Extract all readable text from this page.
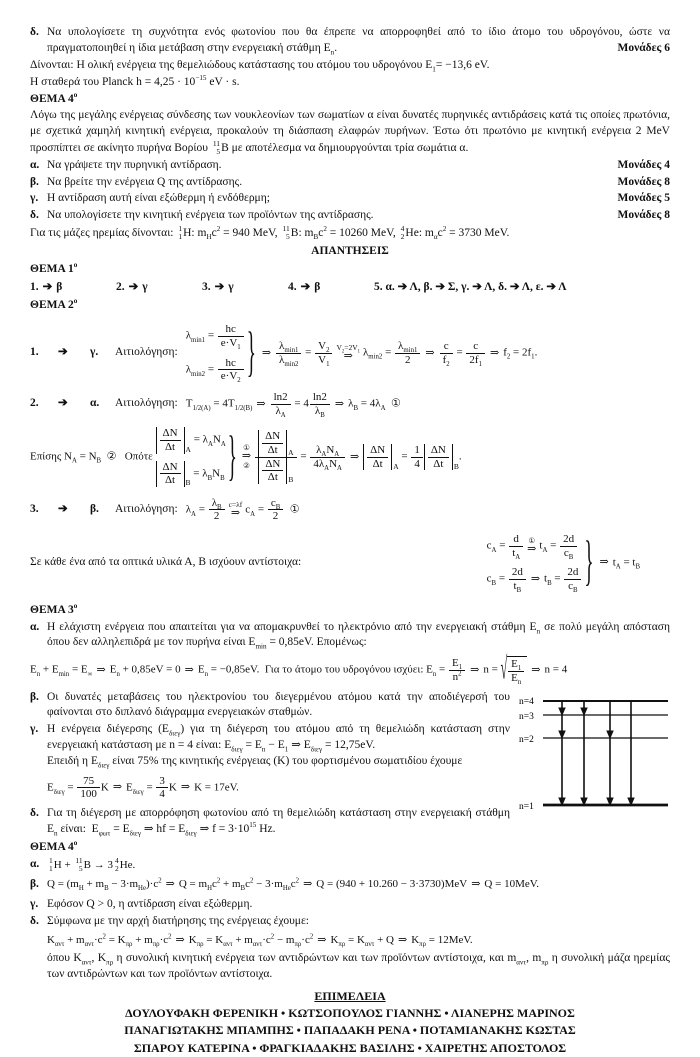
δ. Να υπολογίσετε τη συχνότητα ενός φωτονίου που θα έπρεπε να απορροφηθεί από το ίδιο άτομο του υδρογόνου, ώστε να πραγματοποιηθεί η ίδια μετάβαση στην ενεργειακή στάθμη $E_n$.	Μονάδες 6
Δίνονται: Η ολική ενέργεια της θεμελιώδους κατάστασης του ατόμου του υδρογόνου $E_1= -13,6$ eV.
Η σταθερά του Planck $h = 4,25 \cdot 10^{-15}$ eV · s.
ΘΕΜΑ $4^o$
Λόγω της μεγάλης ενέργειας σύνδεσης των νουκλεονίων των σωματίων α είναι δυνατές πυρηνικές αντιδράσεις κατά τις οποίες πρωτόνια, με σχετικά χαμηλή κινητική ενέργεια, προκαλούν τη διάσπαση ελαφρών πυρήνων. Έστω ότι πρωτόνιο με κινητική ενέργεια 2 MeV προσπίπτει σε ακίνητο πυρήνα Βορίου 11
5 B με αποτέλεσμα να δημιουργούνται τρία σωμάτια α.
α. Να γράψετε την πυρηνική αντίδραση.	Μονάδες 4
β. Να βρείτε την ενέργεια Q της αντίδρασης.	Μονάδες 8
γ. Η αντίδραση αυτή είναι εξώθερμη ή ενδόθερμη;	Μονάδες 5
δ. Να υπολογίσετε την κινητική ενέργεια των προϊόντων της αντίδρασης.	Μονάδες 8
Για τις μάζες ηρεμίας δίνονται: 1
1 H: $m_Hc^2 = 940$ MeV, 11
5 B: $m_Bc^2 = 10260$ MeV, 4
2 He: $m_\alpha c^2 = 3730$ MeV.
ΑΠΑΝΤΗΣΕΙΣ
ΘΕΜΑ $1^o$
1. ➔ β	2. ➔ γ	3. ➔ γ	4. ➔ β	5. α. ➔ Λ, β. ➔ Σ, γ. ➔ Λ, δ. ➔ Λ, ε. ➔ Λ
ΘΕΜΑ $2^o$
1.	➔	γ. Αιτιολόγηση:
$\lambda_{min1} = \frac{hc}{e\cdot V_1}$
$\lambda_{min2} = \frac{hc}{e\cdot V_2}$ } ⇒
$\lambda_{min1}$
$\lambda_{min2}$
= $\frac{V_2}{V_1} V_2=2V_1$
⇒ $\lambda_{min2}$ =
$\lambda_{min1}$
2
⇒ $\frac{c}{f_2} = \frac{c}{2f_1}$ ⇒ $f_2 = 2f_1$.
2.	➔	α. Αιτιολόγηση: $T_{1/2(A)} = 4T_{1/2(B)}$ ⇒ $\frac{\ln 2}{\lambda_A} = 4 \frac{\ln 2}{\lambda_B}$ ⇒ $\lambda_B = 4\lambda_A$  ①
Επίσης $N_A = N_B$  ②   Οπότε
ΔN
Δt	A
= $\lambda_AN_A$
ΔN
Δt	B
= $\lambda_BN_B$ } ①
⇒
②
ΔN
Δt	A
ΔN
Δt	B
=
$\lambda_AN_A$
$4\lambda_AN_A$
⇒
ΔN
Δt	A
= $\frac{1}{4}$ ΔN
Δt	B
.
3.	➔	β. Αιτιολόγηση: $\lambda_A = \frac{\lambda_B}{2} c=\lambda f$
⇒ $c_A = \frac{c_B}{2}$ ①
Σε κάθε ένα από τα οπτικά υλικά Α, Β ισχύουν αντίστοιχα:
$c_A = \frac{d}{t_A}$ ①
⇒ $t_A = \frac{2d}{c_B}$
$c_B = \frac{2d}{t_B}$ ⇒ $t_B = \frac{2d}{c_B}$ } ⇒ $t_A = t_B$
ΘΕΜΑ $3^o$
α. Η ελάχιστη ενέργεια που απαιτείται για να απομακρυνθεί το ηλεκτρόνιο από την ενεργειακή στάθμη $E_n$ σε πολύ μεγάλη απόσταση όπου δεν αλληλεπιδρά με τον πυρήνα είναι $E_{min} = 0,85eV$. Επομένως:
$E_n + E_{min} = E_\infty$ ⇒ $E_n + 0,85eV = 0$ ⇒ $E_n = -0,85eV$. Για το άτομο του υδρογόνου ισχύει: $E_n = \frac{E_1}{n^2}$ ⇒ n = √ $\frac{E_1}{E_n}$ ⇒ n = 4
β. Οι δυνατές μεταβάσεις του ηλεκτρονίου του διεγερμένου ατόμου κατά την αποδιέγερσή του φαίνονται στο διπλανό διάγραμμα ενεργειακών σταθμών.
γ. Η ενέργεια διέγερσης $(E_{\delta\iota\varepsilon\gamma})$ για τη διέγερση του ατόμου από τη θεμελιώδη κατάσταση στην ενεργειακή κατάσταση με n = 4 είναι: $E_{\delta\iota\varepsilon\gamma} = E_n - E_1$ ⇒ $E_{\delta\iota\varepsilon\gamma} = 12,75eV$.
Επειδή η $E_{\delta\iota\varepsilon\gamma}$ είναι 75% της κινητικής ενέργειας (K) του φορτισμένου σωματιδίου έχουμε
$E_{\delta\iota\varepsilon\gamma} = \frac{75}{100}$ K ⇒ $E_{\delta\iota\varepsilon\gamma} = \frac{3}{4}$ K ⇒ K = 17eV.
δ. Για τη διέγερση με απορρόφηση φωτονίου από τη θεμελιώδη κατάσταση στην ενεργειακή στάθμη $E_n$ είναι: $E_{\varphi\omega\tau} = E_{\delta\iota\varepsilon\gamma}$ ⇒ hf = $E_{\delta\iota\varepsilon\gamma}$ ⇒ $f = 3\cdot 10^{15}$ Hz.
n=4
n=3
n=2
n=1
ΘΕΜΑ $4^o$
α.	1
1 H + 11
5 B → 3 4
2 He.
β. $Q = (m_H + m_B - 3\cdot m_{He})\cdot c^2$ ⇒ $Q = m_Hc^2 + m_Bc^2 - 3\cdot m_{He}c^2$ ⇒ Q = (940 + 10.260 − 3·3730)MeV ⇒ Q = 10MeV.
γ. Εφόσον Q > 0, η αντίδραση είναι εξώθερμη.
δ. Σύμφωνα με την αρχή διατήρησης της ενέργειας έχουμε:
$K_{\alpha\nu\tau} + m_{\alpha\nu\tau}\cdot c^2 = K_{\pi\rho} + m_{\pi\rho}\cdot c^2$ ⇒ $K_{\pi\rho} = K_{\alpha\nu\tau} + m_{\alpha\nu\tau}\cdot c^2 - m_{\pi\rho}\cdot c^2$ ⇒ $K_{\pi\rho} = K_{\alpha\nu\tau} + Q$ ⇒ $K_{\pi\rho} = 12MeV$.
όπου $K_{\alpha\nu\tau}$, $K_{\pi\rho}$ η συνολική κινητική ενέργεια των αντιδρώντων και των προϊόντων αντίστοιχα, και $m_{\alpha\nu\tau}$, $m_{\pi\rho}$ η συνολική μάζα ηρεμίας των αντιδρώντων και των προϊόντων αντίστοιχα.
ΕΠΙΜΕΛΕΙΑ
ΔΟΥΛΟΥΦΑΚΗ ΦΕΡΕΝΙΚΗ • ΚΩΤΣΟΠΟΥΛΟΣ ΓΙΑΝΝΗΣ • ΛΙΑΝΕΡΗΣ ΜΑΡΙΝΟΣ
ΠΑΝΑΓΙΩΤΑΚΗΣ ΜΠΑΜΠΗΣ • ΠΑΠΑΔΑΚΗ ΡΕΝΑ • ΠΟΤΑΜΙΑΝΑΚΗΣ ΚΩΣΤΑΣ
ΣΠΑΡΟΥ ΚΑΤΕΡΙΝΑ • ΦΡΑΓΚΙΑΔΑΚΗΣ ΒΑΣΙΛΗΣ • ΧΑΙΡΕΤΗΣ ΑΠΟΣΤΟΛΟΣ
